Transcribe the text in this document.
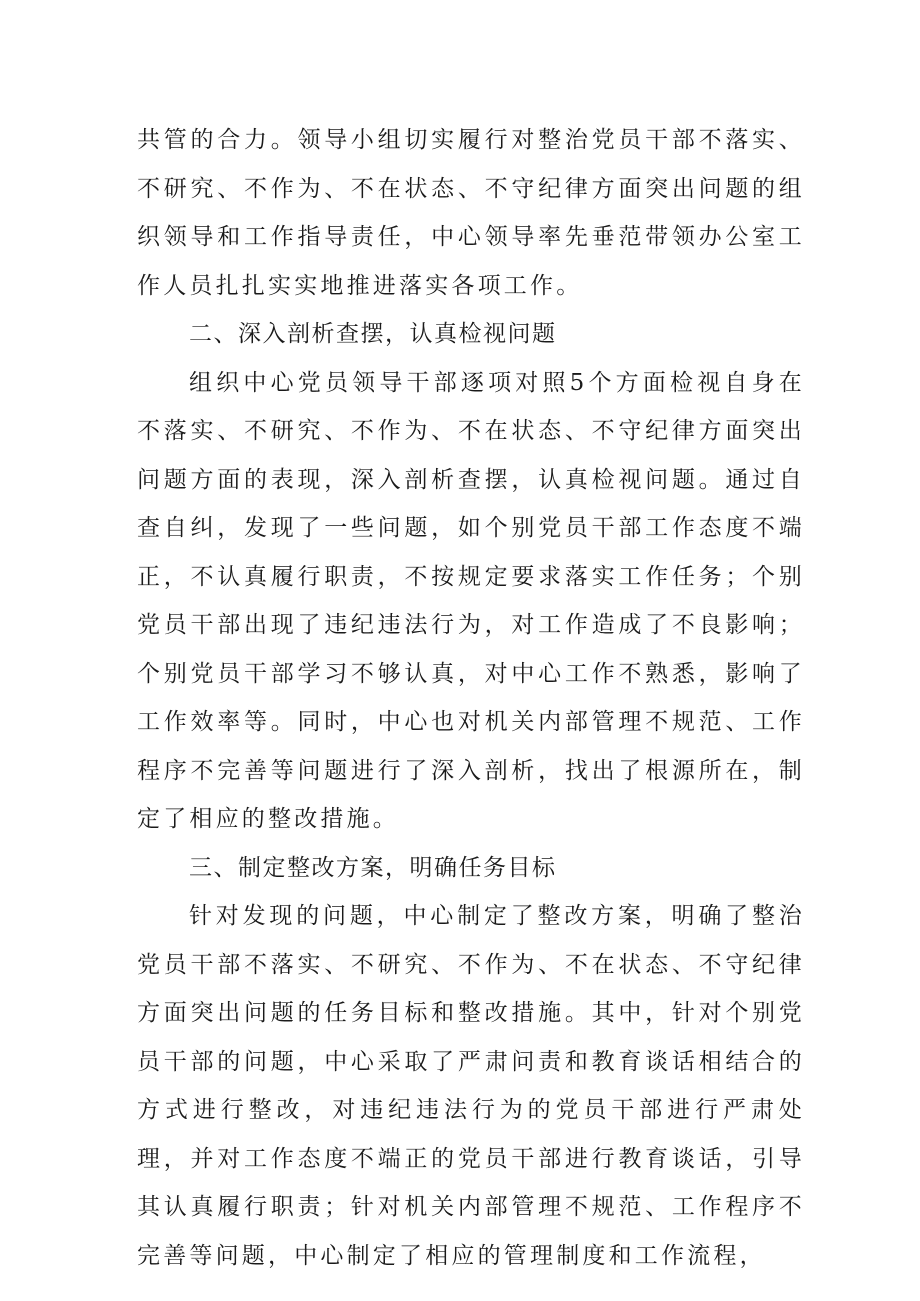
共管的合力。领导小组切实履行对整治党员干部不落实、不研究、不作为、不在状态、不守纪律方面突出问题的组织领导和工作指导责任，中心领导率先垂范带领办公室工作人员扎扎实实地推进落实各项工作。

二、深入剖析查摆，认真检视问题

组织中心党员领导干部逐项对照5个方面检视自身在不落实、不研究、不作为、不在状态、不守纪律方面突出问题方面的表现，深入剖析查摆，认真检视问题。通过自查自纠，发现了一些问题，如个别党员干部工作态度不端正，不认真履行职责，不按规定要求落实工作任务；个别党员干部出现了违纪违法行为，对工作造成了不良影响；个别党员干部学习不够认真，对中心工作不熟悉，影响了工作效率等。同时，中心也对机关内部管理不规范、工作程序不完善等问题进行了深入剖析，找出了根源所在，制定了相应的整改措施。

三、制定整改方案，明确任务目标

针对发现的问题，中心制定了整改方案，明确了整治党员干部不落实、不研究、不作为、不在状态、不守纪律方面突出问题的任务目标和整改措施。其中，针对个别党员干部的问题，中心采取了严肃问责和教育谈话相结合的方式进行整改，对违纪违法行为的党员干部进行严肃处理，并对工作态度不端正的党员干部进行教育谈话，引导其认真履行职责；针对机关内部管理不规范、工作程序不完善等问题，中心制定了相应的管理制度和工作流程，
